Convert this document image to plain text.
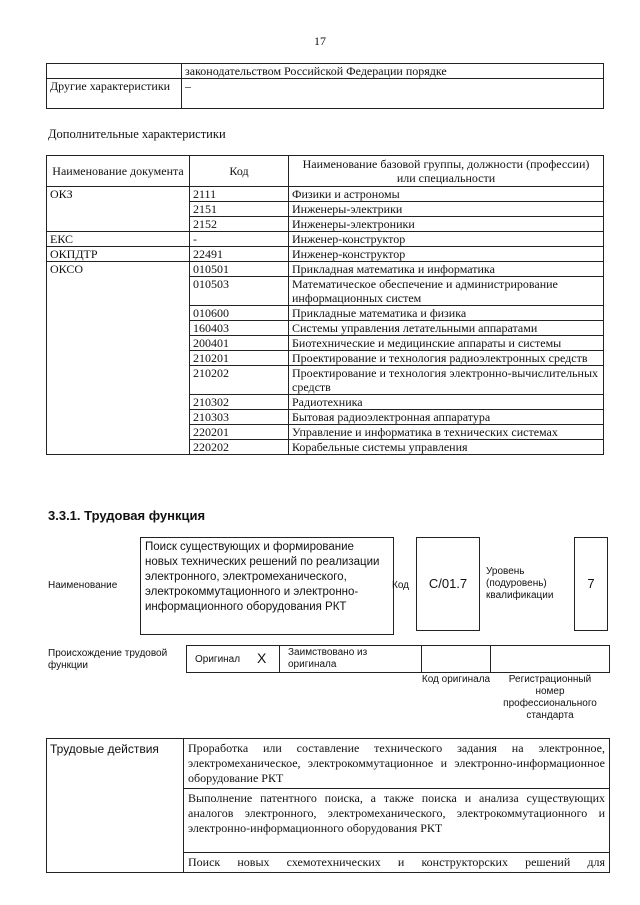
17
	законодательством Российской Федерации порядке
Другие характеристики	–
Дополнительные характеристики
Наименование документа	Код	Наименование базовой группы, должности (профессии) или специальности
ОКЗ	2111	Физики и астрономы
	2151	Инженеры-электрики
	2152	Инженеры-электроники
ЕКС	-	Инженер-конструктор
ОКПДТР	22491	Инженер-конструктор
ОКСО	010501	Прикладная математика и информатика
	010503	Математическое обеспечение и администрирование информационных систем
	010600	Прикладные математика и физика
	160403	Системы управления летательными аппаратами
	200401	Биотехнические и медицинские аппараты и системы
	210201	Проектирование и технология радиоэлектронных средств
	210202	Проектирование и технология электронно-вычислительных средств
	210302	Радиотехника
	210303	Бытовая радиоэлектронная аппаратура
	220201	Управление и информатика в технических системах
	220202	Корабельные системы управления
3.3.1. Трудовая функция
Наименование
Поиск существующих и формирование новых технических решений по реализации электронного, электромеханического, электрокоммутационного и электронно-информационного оборудования РКТ
Код	C/01.7
Уровень (подуровень) квалификации
7
Происхождение трудовой функции
Оригинал X Заимствовано из оригинала
Код оригинала	Регистрационный номер профессионального стандарта
Трудовые действия	Проработка или составление технического задания на электронное, электромеханическое, электрокоммутационное и электронно-информационное оборудование РКТ
Выполнение патентного поиска, а также поиска и анализа существующих аналогов электронного, электромеханического, электрокоммутационного и электронно-информационного оборудования РКТ
Поиск новых схемотехнических и конструкторских решений для
